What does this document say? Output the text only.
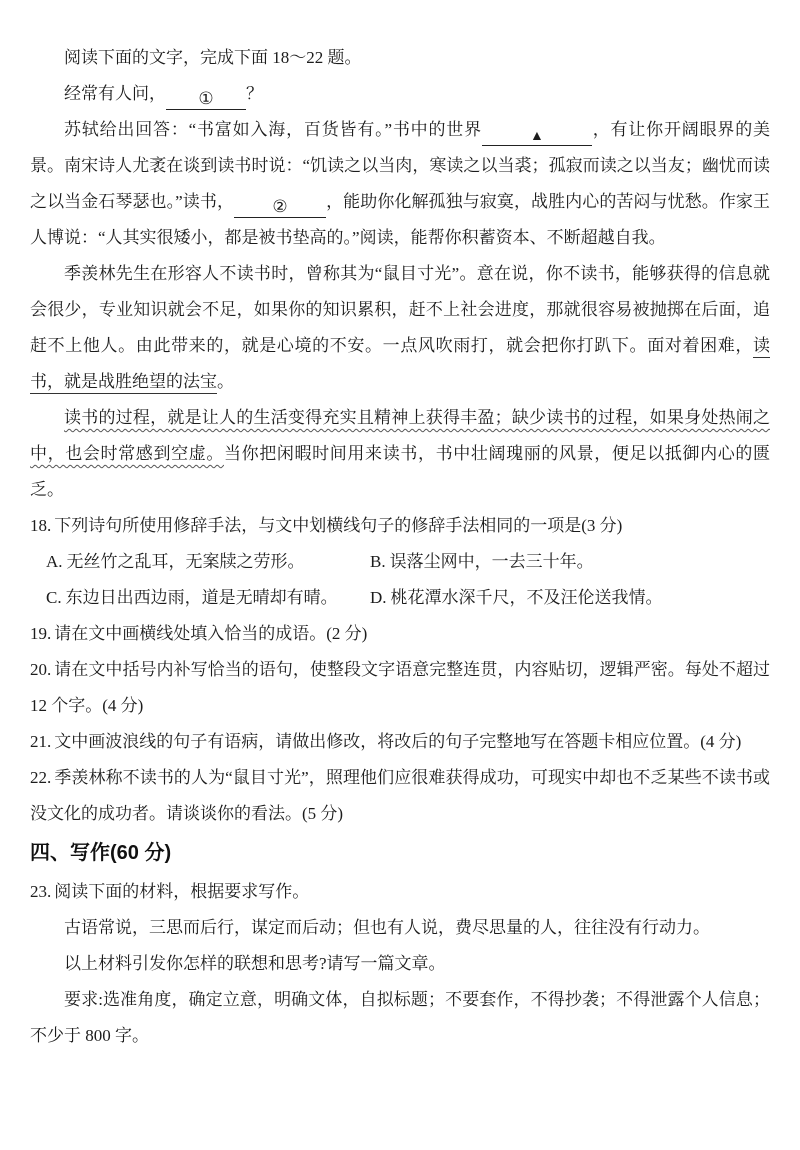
阅读下面的文字，完成下面 18～22 题。

经常有人问， ① ？

苏轼给出回答：“书富如入海，百货皆有。”书中的世界	▲	，有让你开阔眼界的美景。南宋诗人尤袤在谈到读书时说：“饥读之以当肉，寒读之以当裘；孤寂而读之以当友；幽忧而读之以当金石琴瑟也。”读书， ② ，能助你化解孤独与寂寞，战胜内心的苦闷与忧愁。作家王人博说：“人其实很矮小，都是被书垫高的。”阅读，能帮你积蓄资本、不断超越自我。

季羡林先生在形容人不读书时，曾称其为“鼠目寸光”。意在说，你不读书，能够获得的信息就会很少，专业知识就会不足，如果你的知识累积，赶不上社会进度，那就很容易被抛掷在后面，追赶不上他人。由此带来的，就是心境的不安。一点风吹雨打，就会把你打趴下。面对着困难，读书，就是战胜绝望的法宝。

读书的过程，就是让人的生活变得充实且精神上获得丰盈；缺少读书的过程，如果身处热闹之中，也会时常感到空虚。当你把闲暇时间用来读书，书中壮阔瑰丽的风景，便足以抵御内心的匮乏。

18. 下列诗句所使用修辞手法，与文中划横线句子的修辞手法相同的一项是(3 分)

A. 无丝竹之乱耳，无案牍之劳形。	B. 误落尘网中，一去三十年。
C. 东边日出西边雨，道是无晴却有晴。	D. 桃花潭水深千尺，不及汪伦送我情。

19. 请在文中画横线处填入恰当的成语。(2 分)

20. 请在文中括号内补写恰当的语句，使整段文字语意完整连贯，内容贴切，逻辑严密。每处不超过 12 个字。(4 分)

21. 文中画波浪线的句子有语病，请做出修改，将改后的句子完整地写在答题卡相应位置。(4 分)

22. 季羡林称不读书的人为“鼠目寸光”，照理他们应很难获得成功，可现实中却也不乏某些不读书或没文化的成功者。请谈谈你的看法。(5 分)

四、写作(60 分)

23. 阅读下面的材料，根据要求写作。

古语常说，三思而后行，谋定而后动；但也有人说，费尽思量的人，往往没有行动力。

以上材料引发你怎样的联想和思考?请写一篇文章。

要求:选准角度，确定立意，明确文体，自拟标题；不要套作，不得抄袭；不得泄露个人信息；不少于 800 字。
